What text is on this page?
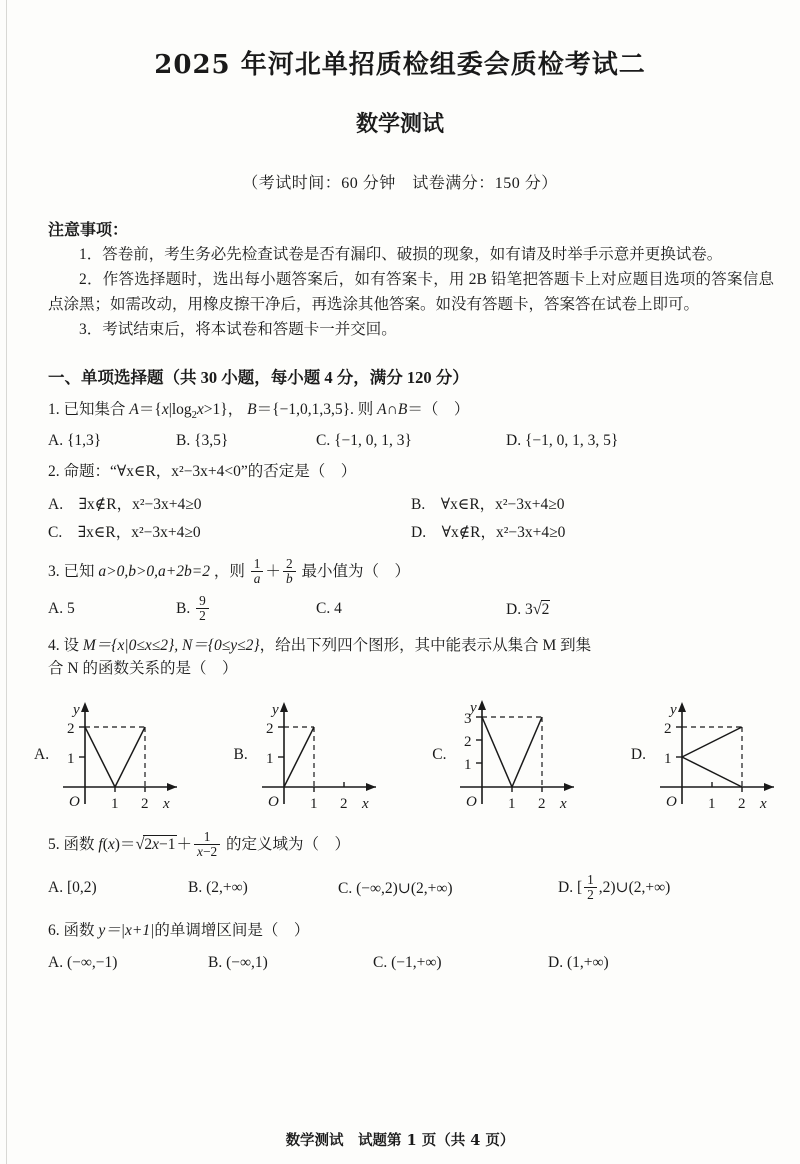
2025 年河北单招质检组委会质检考试二
数学测试
（考试时间：60 分钟　试卷满分：150 分）
注意事项：

1．答卷前，考生务必先检查试卷是否有漏印、破损的现象，如有请及时举手示意并更换试卷。

2．作答选择题时，选出每小题答案后，如有答案卡，用 2B 铅笔把答题卡上对应题目选项的答案信息点涂黑；如需改动，用橡皮擦干净后，再选涂其他答案。如没有答题卡，答案答在试卷上即可。

3．考试结束后，将本试卷和答题卡一并交回。

一、单项选择题（共 30 小题，每小题 4 分，满分 120 分）
1. 已知集合 $A=\{x|\log_2x>1\}$， B＝{−1,0,1,3,5}. 则 A∩B＝（　）
A. {1,3}	B. {3,5}	C. {−1, 0, 1, 3}	D. {−1, 0, 1, 3, 5}
2. 命题：“∀x∈R，x²−3x+4<0”的否定是（　）
A.　 ∃x∉R，x²−3x+4≥0	B.　 ∀x∈R，x²−3x+4≥0
C.　 ∃x∈R，x²−3x+4≥0	D.　 ∀x∉R，x²−3x+4≥0
3. 已知 a>0,b>0,a+2b=2 ，则 $\frac{1}{a} + \frac{2}{b}$ 最小值为（　）
A. 5	B. $\frac{9}{2}$	C. 4	D. 3√2
4. 设 M＝{x|0≤x≤2}, N＝{0≤y≤2}，给出下列四个图形，其中能表示从集合 M 到集
合 N 的函数关系的是（　）
A.
2
1
1 2
O	x
y
B.
2
1
1 2
O	x
y
C.
3
2
1
1 2
O	x
y
D.
2
1
1 2
O	x
y
5. 函数 $f(x)=√2x-1+ \frac{1}{x-2}$ 的定义域为（　）
A. [0,2)	B. (2,+∞)	C. (−∞,2)∪(2,+∞)	D. [ $\frac{1}{2}$ ,2)∪(2,+∞)
6. 函数 y＝|x+1|的单调增区间是（　）
A. (−∞,−1)	B. (−∞,1)	C. (−1,+∞)	D. (1,+∞)
数学测试　试题第 1 页（共 4 页）
